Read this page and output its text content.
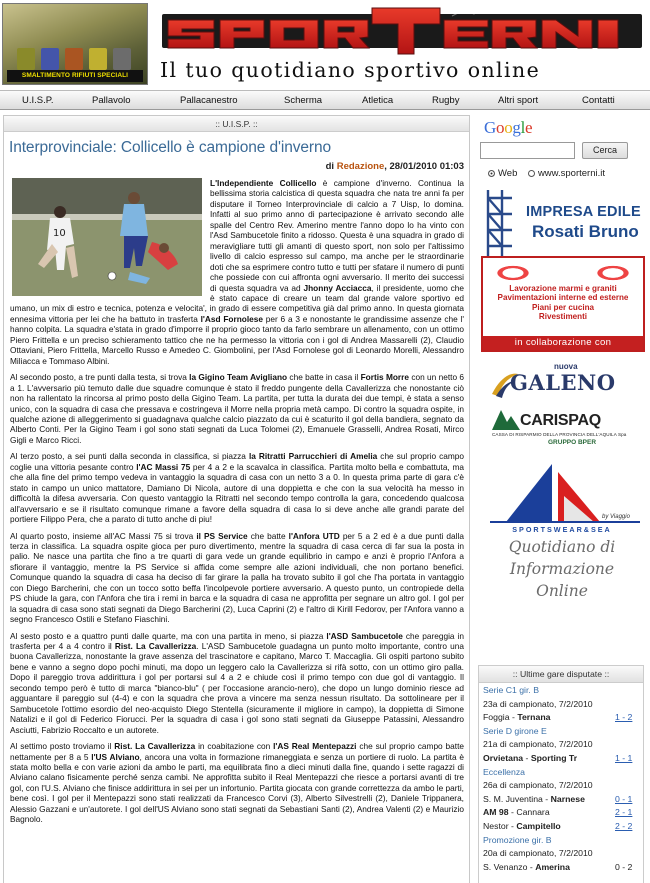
SMALTIMENTO RIFIUTI SPECIALI	Il tuo quotidiano sportivo online
U.I.S.P.	Pallavolo	Pallacanestro	Scherma	Atletica	Rugby	Altri sport	Contatti
:: U.I.S.P. ::
Interprovinciale: Collicello è campione d'inverno
di Redazione, 28/01/2010 01:03
10

L'Independiente Collicello è campione d'inverno. Continua la bellissima storia calcistica di questa squadra che nata tre anni fa per disputare il Torneo Interprovinciale di calcio a 7 Uisp, lo domina. Infatti al suo primo anno di partecipazione è arrivato secondo alle spalle del Centro Rev. Amerino mentre l'anno dopo lo ha vinto con l'Asd Sambucetole finito a ridosso. Questa è una squadra in grado di meravigliare tutti gli amanti di questo sport, non solo per l'altissimo livello di calcio espresso sul campo, ma anche per le straordinarie doti che sa esprimere contro tutto e tutti per sfatare il numero di punti che possiede con cui affronta ogni avversario. Il merito dei successi di questa squadra va ad Jhonny Acciacca, il presidente, uomo che è stato capace di creare un team dal grande valore sportivo ed umano, un mix di estro e tecnica, potenza e velocita', in grado di essere competitiva già dal primo anno. In questa giornata ennesima vittoria per lei che ha battuto in trasferta l'Asd Fornolese per 6 a 3 e nonostante le grandissime assenze che l' hanno colpita. La squadra e'stata in grado d'imporre il proprio gioco tanto da farlo sembrare un allenamento, con un ottimo Piero Frittella e un preciso schieramento tattico che ne ha permesso la vittoria con i gol di Andrea Massarelli (2), Claudio Ottaviani, Piero Frittella, Marcello Russo e Amedeo C. Giombolini, per l'Asd Fornolese gol di Leonardo Morelli, Alessandro Miliacca e Tommaso Albini.

Al secondo posto, a tre punti dalla testa, si trova la Gigino Team Avigliano che batte in casa il Fortis Morre con un netto 6 a 1. L'avversario più temuto dalle due squadre comunque è stato il freddo pungente della Cavallerizza che nonostante ciò non ha rallentato la rincorsa al primo posto della Gigino Team. La partita, per tutta la durata dei due tempi, è stata a senso unico, con la squadra di casa che pressava e costringeva il Morre nella propria metà campo. Di contro la squadra ospite, in qualche azione di alleggerimento si guadagnava qualche calcio piazzato da cui è scaturito il gol della bandiera, segnato da Alberto Conti. Per la Gigino Team i gol sono stati segnati da Luca Tolomei (2), Emanuele Grasselli, Andrea Rosati, Mirco Gigli e Marco Ricci.

Al terzo posto, a sei punti dalla seconda in classifica, si piazza la Ritratti Parrucchieri di Amelia che sul proprio campo coglie una vittoria pesante contro l'AC Massi 75 per 4 a 2 e la scavalca in classifica. Partita molto bella e combattuta, ma che alla fine del primo tempo vedeva in vantaggio la squadra di casa con un netto 3 a 0. In questa prima parte di gara c'è stato in campo un unico mattatore, Damiano Di Nicola, autore di una doppietta e che con la sua velocità ha messo in difficoltà la difesa avversaria. Con questo vantaggio la Ritratti nel secondo tempo controlla la gara, concedendo qualcosa all'avversario e se il risultato comunque rimane a favore della squadra di casa lo si deve anche alle grandi parate del portiere Filippo Pera, che a parato di tutto anche di piu!

Al quarto posto, insieme all'AC Massi 75 si trova il PS Service che batte l'Anfora UTD per 5 a 2 ed è a due punti dalla terza in classifica. La squadra ospite gioca per puro divertimento, mentre la squadra di casa cerca di far sua la posta in palio. Ne nasce una partita che fino a tre quarti di gara vede un grande equilibrio in campo e anzi è proprio l'Anfora a sfiorare il vantaggio, mentre la PS Service si affida come sempre alle azioni individuali, che non portano benefici. Comunque quando la squadra di casa ha deciso di far girare la palla ha trovato subito il gol che l'ha portata in vantaggio con Diego Barcherini, che con un tocco sotto beffa l'incolpevole portiere avversario. A questo punto, un contropiede della PS chiude la gara, con l'Anfora che tira i remi in barca e la squadra di casa ne approfitta per segnare un altro gol. I gol per la squadra di casa sono stati segnati da Diego Barcherini (2), Luca Caprini (2) e l'altro di Kirill Fedorov, per l'Anfora vanno a segno Francesco Ostili e Stefano Fiaschini.

Al sesto posto e a quattro punti dalle quarte, ma con una partita in meno, si piazza l'ASD Sambucetole che pareggia in trasferta per 4 a 4 contro il Rist. La Cavallerizza. L'ASD Sambucetole guadagna un punto molto importante, contro una buona Cavallerizza, nonostante la grave assenza del trascinatore e capitano, Marco T. Maccaglia. Gli ospiti partono subito bene e vanno a segno dopo pochi minuti, ma dopo un leggero calo la Cavallerizza si rifà sotto, con un ottimo giro palla. Dopo il pareggio trova addirittura i gol per portarsi sul 4 a 2 e chiude così il primo tempo con due gol di vantaggio. Il secondo tempo però è tutto di marca "bianco-blu" ( per l'occasione arancio-nero), che dopo un lungo dominio riesce ad agguantare il pareggio sul (4-4) e con la squadra che prova a vincere ma senza nessun risultato. Da sottolineare per il Sambucetole l'ottimo esordio del neo-acquisto Diego Stentella (sicuramente il migliore in campo), la doppietta di Simone Natalizi e il gol di Federico Fiorucci. Per la squadra di casa i gol sono stati segnati da Giuseppe Patassini, Alessandro Asciutti, Fabrizio Roccalto e un autorete.

Al settimo posto troviamo il Rist. La Cavallerizza in coabitazione con l'AS Real Mentepazzi che sul proprio campo batte nettamente per 8 a 5 l'US Alviano, ancora una volta in formazione rimaneggiata e senza un portiere di ruolo. La partita è stata molto bella e con varie azioni da ambo le parti, ma equilibrata fino a dieci minuti dalla fine, quando i sette ragazzi di Alviano calano fisicamente perché senza cambi. Ne approfitta subito il Real Mentepazzi che riesce a portarsi avanti di tre gol, con l'U.S. Alviano che finisce addirittura in sei per un infortunio. Partita giocata con grande correttezza da ambo le parti, bene così. I gol per il Mentepazzi sono stati realizzati da Francesco Corvi (3), Alberto Silvestrelli (2), Daniele Trippanera, Alessio Gazzani e un'autorete. I gol dell'US Alviano sono stati segnati da Sebastiani Santi (2), Andrea Valenti (2) e Maurizio Bagnolo.

Google
Cerca
Web www.sporterni.it
IMPRESA EDILE
Rosati Bruno
Lavorazione marmi e graniti
Pavimentazioni interne ed esterne
Piani per cucina
Rivestimenti
in collaborazione con
nuova
GALENO
CARISPAQ
CASSA DI RISPARMIO DELLA PROVINCIA DELL'AQUILA Spa
GRUPPO BPER
by Viaggio
SPORTSWEAR&SEA
Quotidiano di
Informazione
Online
:: Ultime gare disputate ::
Serie C1 gir. B
23a di campionato, 7/2/2010
Foggia - Ternana	1 - 2
Serie D girone E
21a di campionato, 7/2/2010
Orvietana - Sporting Tr	1 - 1
Eccellenza
26a di campionato, 7/2/2010
S. M. Juventina - Narnese	0 - 1
AM 98 - Cannara	2 - 1
Nestor - Campitello	2 - 2
Promozione gir. B
20a di campionato, 7/2/2010
S. Venanzo - Amerina	0 - 2
